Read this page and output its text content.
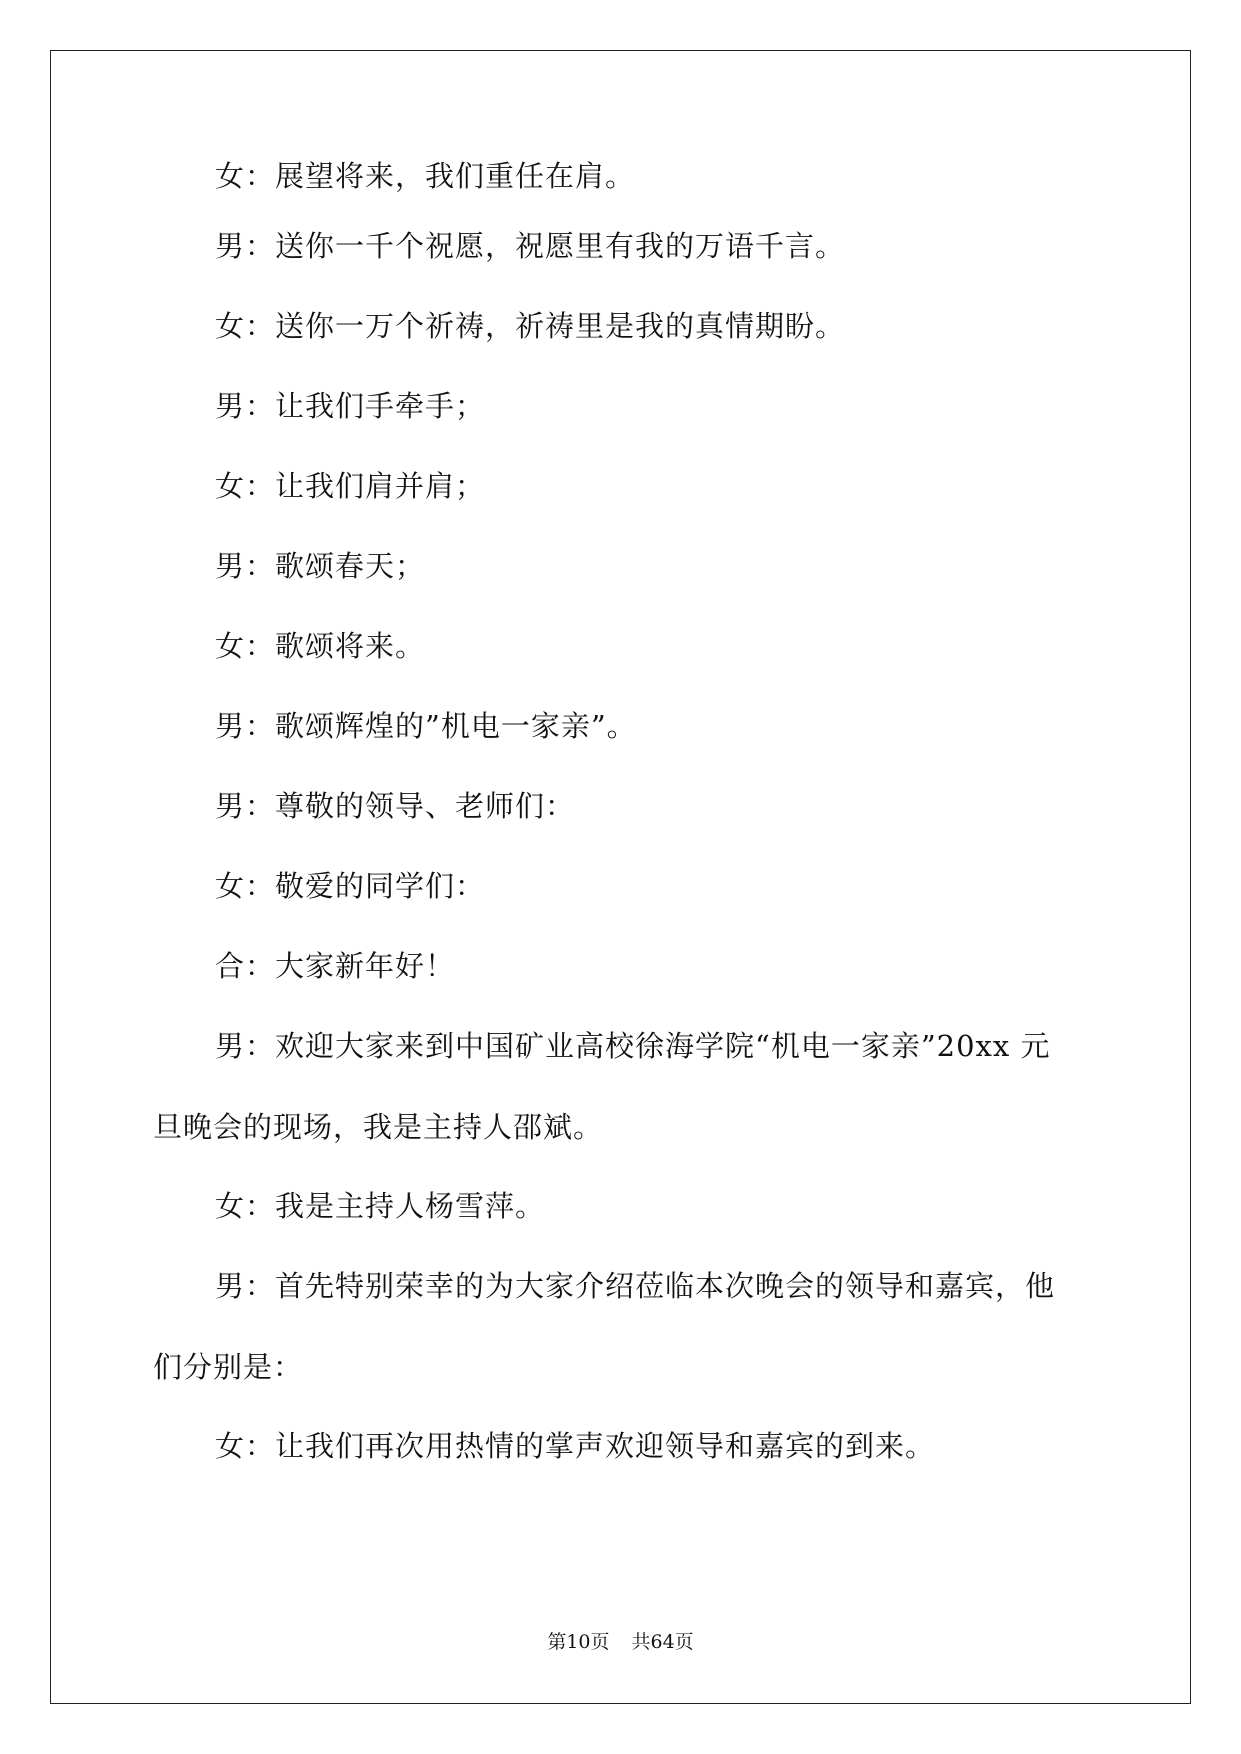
女：展望将来，我们重任在肩。
男：送你一千个祝愿，祝愿里有我的万语千言。
女：送你一万个祈祷，祈祷里是我的真情期盼。
男：让我们手牵手；
女：让我们肩并肩；
男：歌颂春天；
女：歌颂将来。
男：歌颂辉煌的”机电一家亲”。
男：尊敬的领导、老师们：
女：敬爱的同学们：
合：大家新年好！
男：欢迎大家来到中国矿业高校徐海学院“机电一家亲”20xx 元
旦晚会的现场，我是主持人邵斌。
女：我是主持人杨雪萍。
男：首先特别荣幸的为大家介绍莅临本次晚会的领导和嘉宾，他
们分别是：
女：让我们再次用热情的掌声欢迎领导和嘉宾的到来。
第10页 共64页
